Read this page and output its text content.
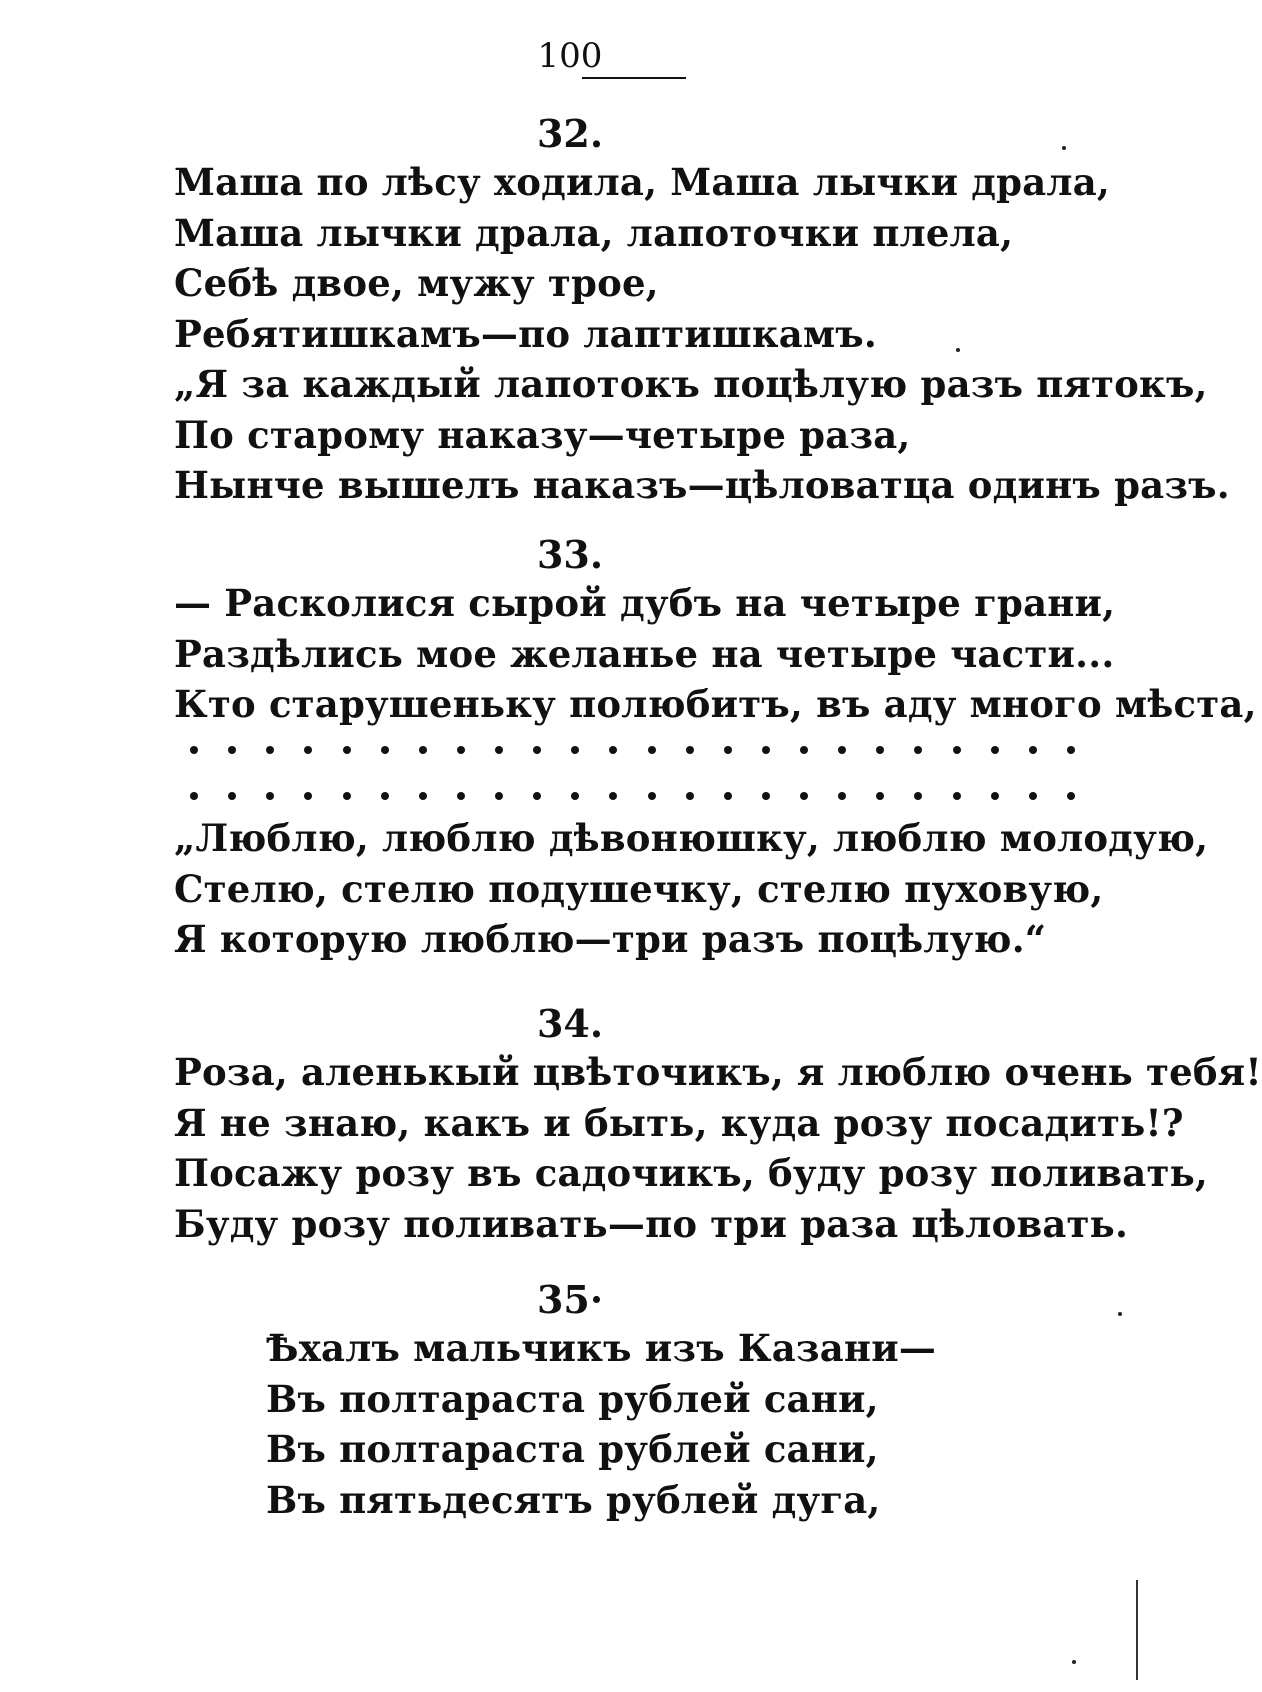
100
32.
Маша по лѣсу ходила, Маша лычки драла,
Маша лычки драла, лапоточки плела,
Себѣ двое, мужу трое,
Ребятишкамъ—по лаптишкамъ.
„Я за каждый лапотокъ поцѣлую разъ пятокъ,
По старому наказу—четыре раза,
Нынче вышелъ наказъ—цѣловатца одинъ разъ.
33.
— Расколися сырой дубъ на четыре грани,
Раздѣлись мое желанье на четыре части...
Кто старушеньку полюбитъ, въ аду много мѣста,
„Люблю, люблю дѣвонюшку, люблю молодую,
Стелю, стелю подушечку, стелю пуховую,
Я которую люблю—три разъ поцѣлую.“
34.
Роза, аленькый цвѣточикъ, я люблю очень тебя!
Я не знаю, какъ и быть, куда розу посадить!?
Посажу розу въ садочикъ, буду розу поливать,
Буду розу поливать—по три раза цѣловать.
35·
Ѣхалъ мальчикъ изъ Казани—
Въ полтараста рублей сани,
Въ полтараста рублей сани,
Въ пятьдесятъ рублей дуга,
